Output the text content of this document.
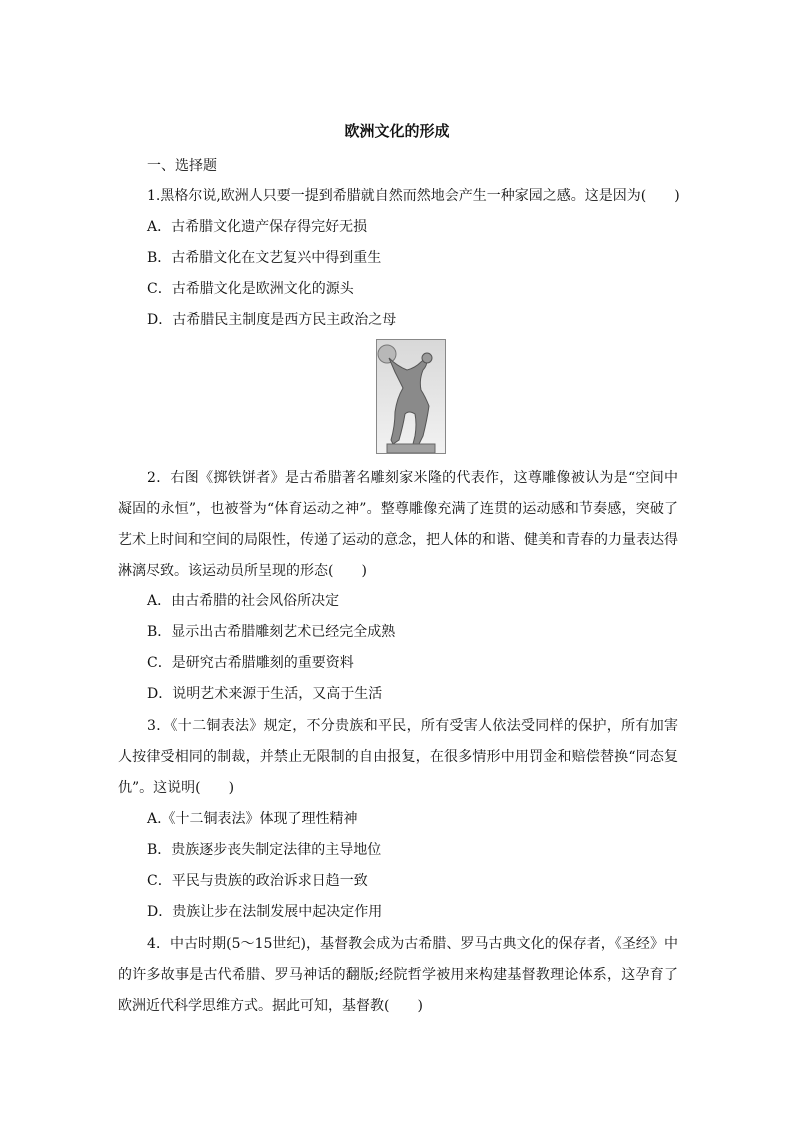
欧洲文化的形成
一、选择题
1.黑格尔说,欧洲人只要一提到希腊就自然而然地会产生一种家园之感。这是因为(　　)
A．古希腊文化遗产保存得完好无损
B．古希腊文化在文艺复兴中得到重生
C．古希腊文化是欧洲文化的源头
D．古希腊民主制度是西方民主政治之母
2．右图《掷铁饼者》是古希腊著名雕刻家米隆的代表作，这尊雕像被认为是“空间中凝固的永恒”，也被誉为“体育运动之神”。整尊雕像充满了连贯的运动感和节奏感，突破了艺术上时间和空间的局限性，传递了运动的意念，把人体的和谐、健美和青春的力量表达得淋漓尽致。该运动员所呈现的形态(　　)
A．由古希腊的社会风俗所决定
B．显示出古希腊雕刻艺术已经完全成熟
C．是研究古希腊雕刻的重要资料
D．说明艺术来源于生活，又高于生活
3．《十二铜表法》规定，不分贵族和平民，所有受害人依法受同样的保护，所有加害人按律受相同的制裁，并禁止无限制的自由报复，在很多情形中用罚金和赔偿替换“同态复仇”。这说明(　　)
A.《十二铜表法》体现了理性精神
B．贵族逐步丧失制定法律的主导地位
C．平民与贵族的政治诉求日趋一致
D．贵族让步在法制发展中起决定作用
4．中古时期(5～15世纪)，基督教会成为古希腊、罗马古典文化的保存者，《圣经》中的许多故事是古代希腊、罗马神话的翻版;经院哲学被用来构建基督教理论体系，这孕育了欧洲近代科学思维方式。据此可知，基督教(　　)
